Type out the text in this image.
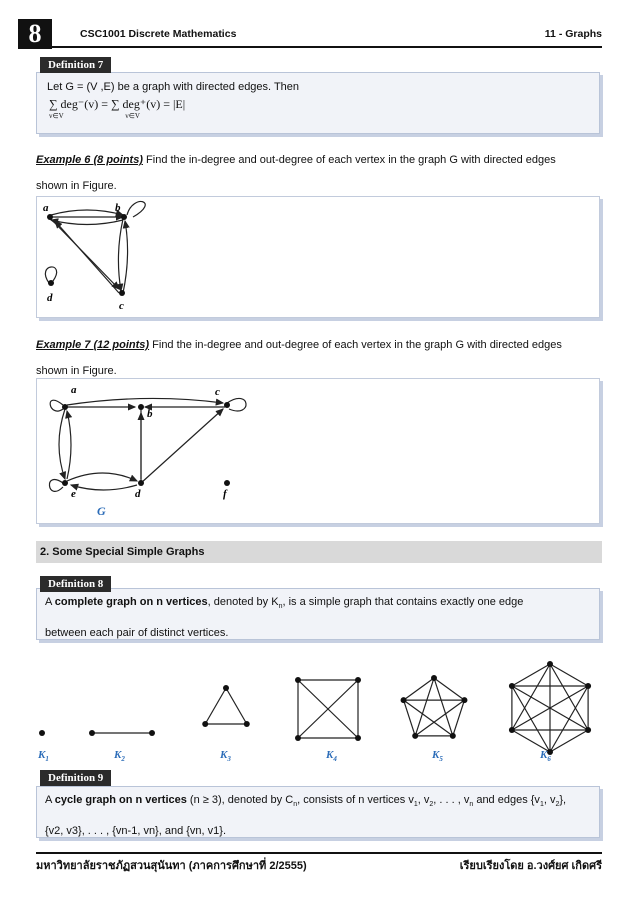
8	CSC1001 Discrete Mathematics	11 - Graphs

Let G = (V ,E) be a graph with directed edges. Then

∑ deg⁻(v) = ∑ deg⁺(v) = |E|
v∈V	v∈V
Definition 7
Example 6 (8 points) Find the in-degree and out-degree of each vertex in the graph G with directed edges
shown in Figure.
a	b
c
d
Example 7 (12 points) Find the in-degree and out-degree of each vertex in the graph G with directed edges
shown in Figure.
a
b
c
d
e	f
G
2. Some Special Simple Graphs

A complete graph on n vertices, denoted by $K_n$, is a simple graph that contains exactly one edge
between each pair of distinct vertices.

Definition 8
$K_1$	$K_2$	$K_3$	$K_4$	$K_5$	$K_6$

A cycle graph on n vertices (n ≥ 3), denoted by $C_n$, consists of n vertices $v_1$, $v_2$, . . . , $v_n$ and edges {$v_1$, $v_2$},
{v2, v3}, . . . , {vn-1, vn}, and {vn, v1}.

Definition 9
มหาวิทยาลัยราชภัฏสวนสุนันทา (ภาคการศึกษาที่ 2/2555)	เรียบเรียงโดย อ.วงศ์ยศ เกิดศรี
